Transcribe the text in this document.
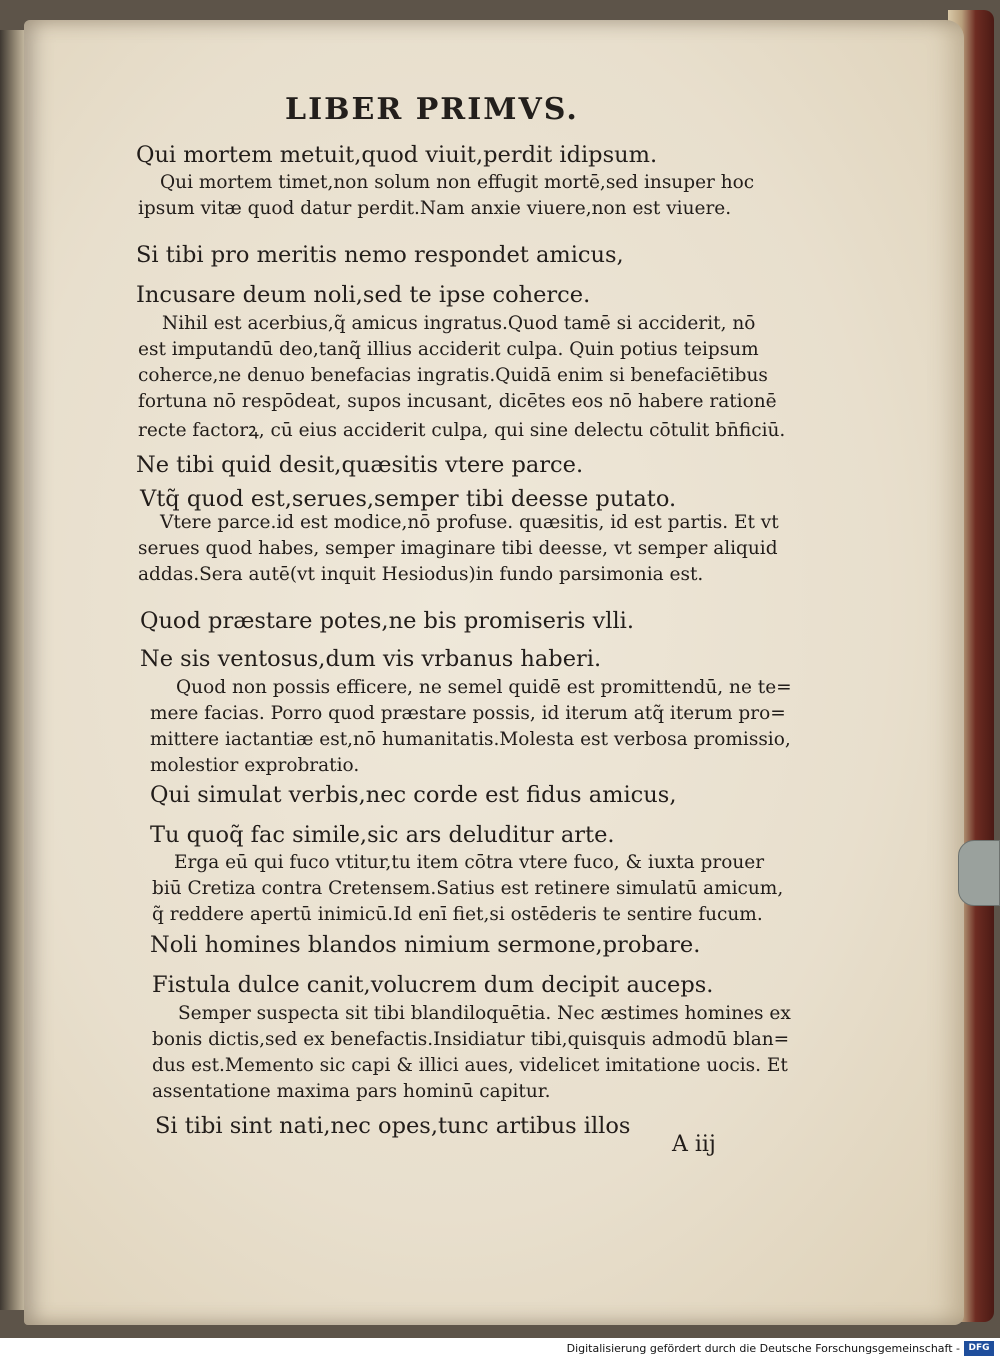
LIBER PRIMVS.
Qui mortem metuit,quod viuit,perdit idipsum.
Qui mortem timet,non solum non effugit mortē,sed insuper hoc
ipsum vitæ quod datur perdit.Nam anxie viuere,non est viuere.
Si tibi pro meritis nemo respondet amicus,
Incusare deum noli,sed te ipse coherce.
Nihil est acerbius,q̃ amicus ingratus.Quod tamē si acciderit, nō
est imputandū deo,tanq̃ illius acciderit culpa. Quin potius teipsum
coherce,ne denuo benefacias ingratis.Quidā enim si benefaciētibus
fortuna nō respōdeat, supos incusant, dicētes eos nō habere rationē
recte factorꝝ, cū eius acciderit culpa, qui sine delectu cōtulit bn̄ficiū.
Ne tibi quid desit,quæsitis vtere parce.
Vtq̃ quod est,serues,semper tibi deesse putato.
Vtere parce.id est modice,nō profuse. quæsitis, id est partis. Et vt
serues quod habes, semper imaginare tibi deesse, vt semper aliquid
addas.Sera autē(vt inquit Hesiodus)in fundo parsimonia est.
Quod præstare potes,ne bis promiseris vlli.
Ne sis ventosus,dum vis vrbanus haberi.
Quod non possis efficere, ne semel quidē est promittendū, ne te=
mere facias. Porro quod præstare possis, id iterum atq̃ iterum pro=
mittere iactantiæ est,nō humanitatis.Molesta est verbosa promissio,
molestior exprobratio.
Qui simulat verbis,nec corde est fidus amicus,
Tu quoq̃ fac simile,sic ars deluditur arte.
Erga eū qui fuco vtitur,tu item cōtra vtere fuco, & iuxta prouer
biū Cretiza contra Cretensem.Satius est retinere simulatū amicum,
q̃ reddere apertū inimicū.Id enī fiet,si ostēderis te sentire fucum.
Noli homines blandos nimium sermone,probare.
Fistula dulce canit,volucrem dum decipit auceps.
Semper suspecta sit tibi blandiloquētia. Nec æstimes homines ex
bonis dictis,sed ex benefactis.Insidiatur tibi,quisquis admodū blan=
dus est.Memento sic capi & illici aues, videlicet imitatione uocis. Et
assentatione maxima pars hominū capitur.
Si tibi sint nati,nec opes,tunc artibus illos
A iij
Digitalisierung gefördert durch die Deutsche Forschungsgemeinschaft - DFG
